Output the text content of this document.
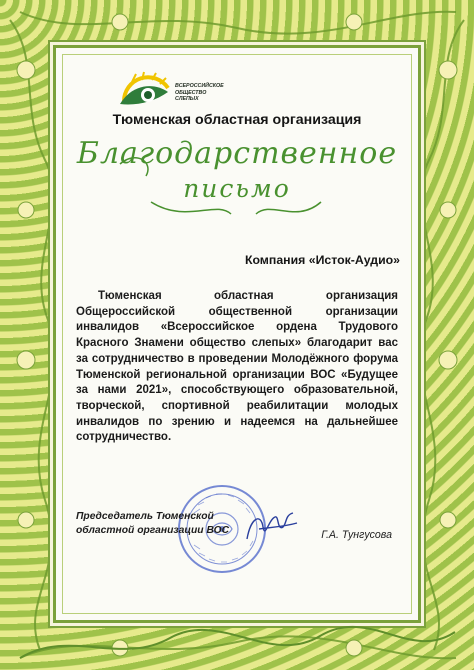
ВСЕРОССИЙСКОЕ
ОБЩЕСТВО
СЛЕПЫХ
Тюменская областная организация
Благодарственное
письмо
Компания «Исток-Аудио»
Тюменская областная организация Общероссийской общественной организации инвалидов «Всероссийское ордена Трудового Красного Знамени общество слепых» благодарит вас за сотрудничество в проведении Молодёжного форума Тюменской региональной организации ВОС «Будущее за нами 2021», способствующего образовательной, творческой, спортивной реабилитации молодых инвалидов по зрению и надеемся на дальнейшее сотрудничество.
Председатель Тюменской
областной организации ВОС	Г.А. Тунгусова
